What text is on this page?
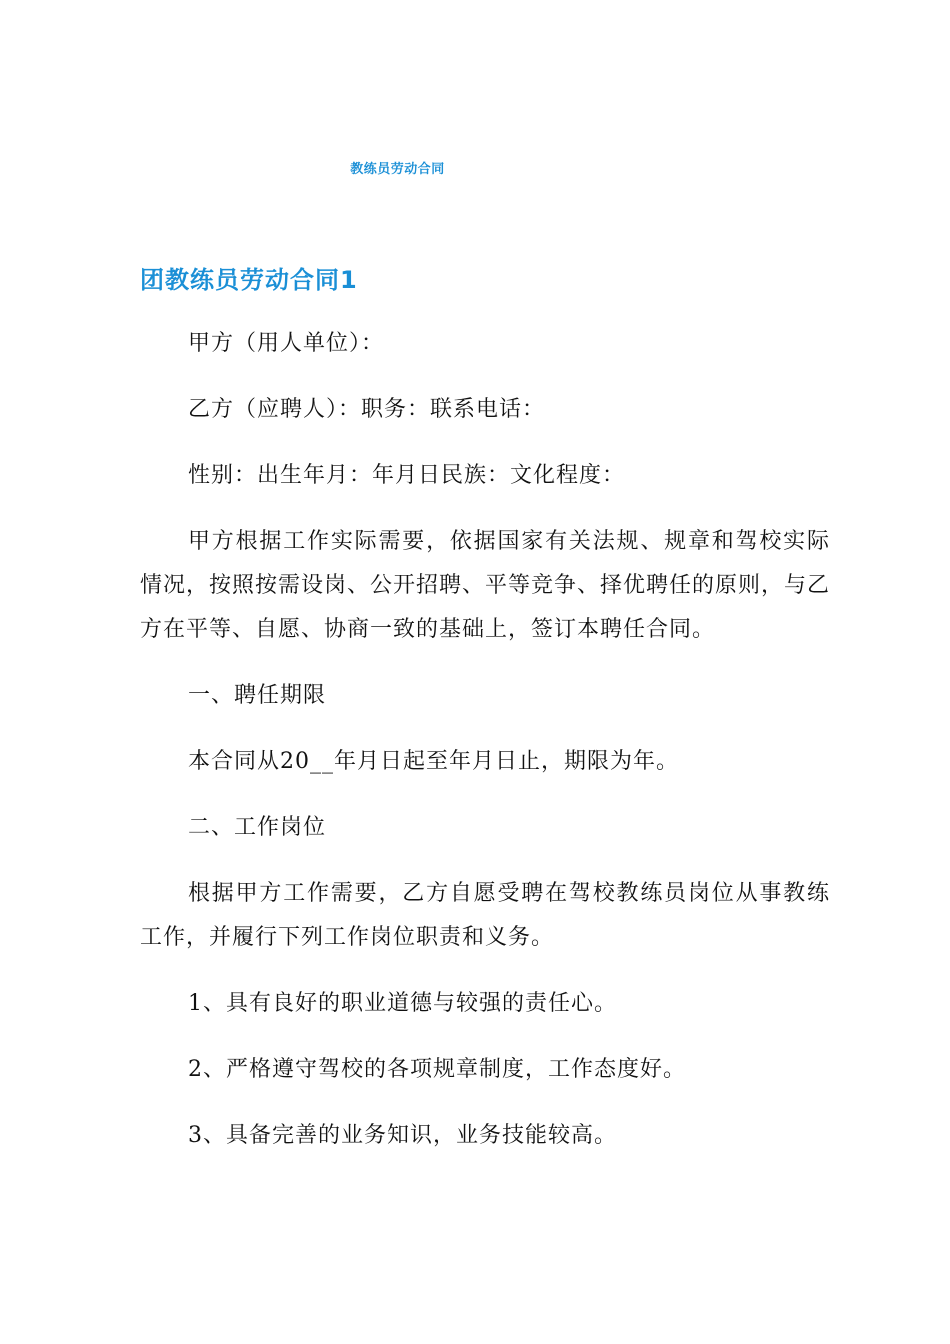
教练员劳动合同
团教练员劳动合同1

甲方（用人单位）：

乙方（应聘人）：职务：联系电话：

性别：出生年月：年月日民族：文化程度：

甲方根据工作实际需要，依据国家有关法规、规章和驾校实际情况，按照按需设岗、公开招聘、平等竞争、择优聘任的原则，与乙方在平等、自愿、协商一致的基础上，签订本聘任合同。

一、聘任期限

本合同从20__年月日起至年月日止，期限为年。

二、工作岗位

根据甲方工作需要，乙方自愿受聘在驾校教练员岗位从事教练工作，并履行下列工作岗位职责和义务。

1、具有良好的职业道德与较强的责任心。

2、严格遵守驾校的各项规章制度，工作态度好。

3、具备完善的业务知识，业务技能较高。
